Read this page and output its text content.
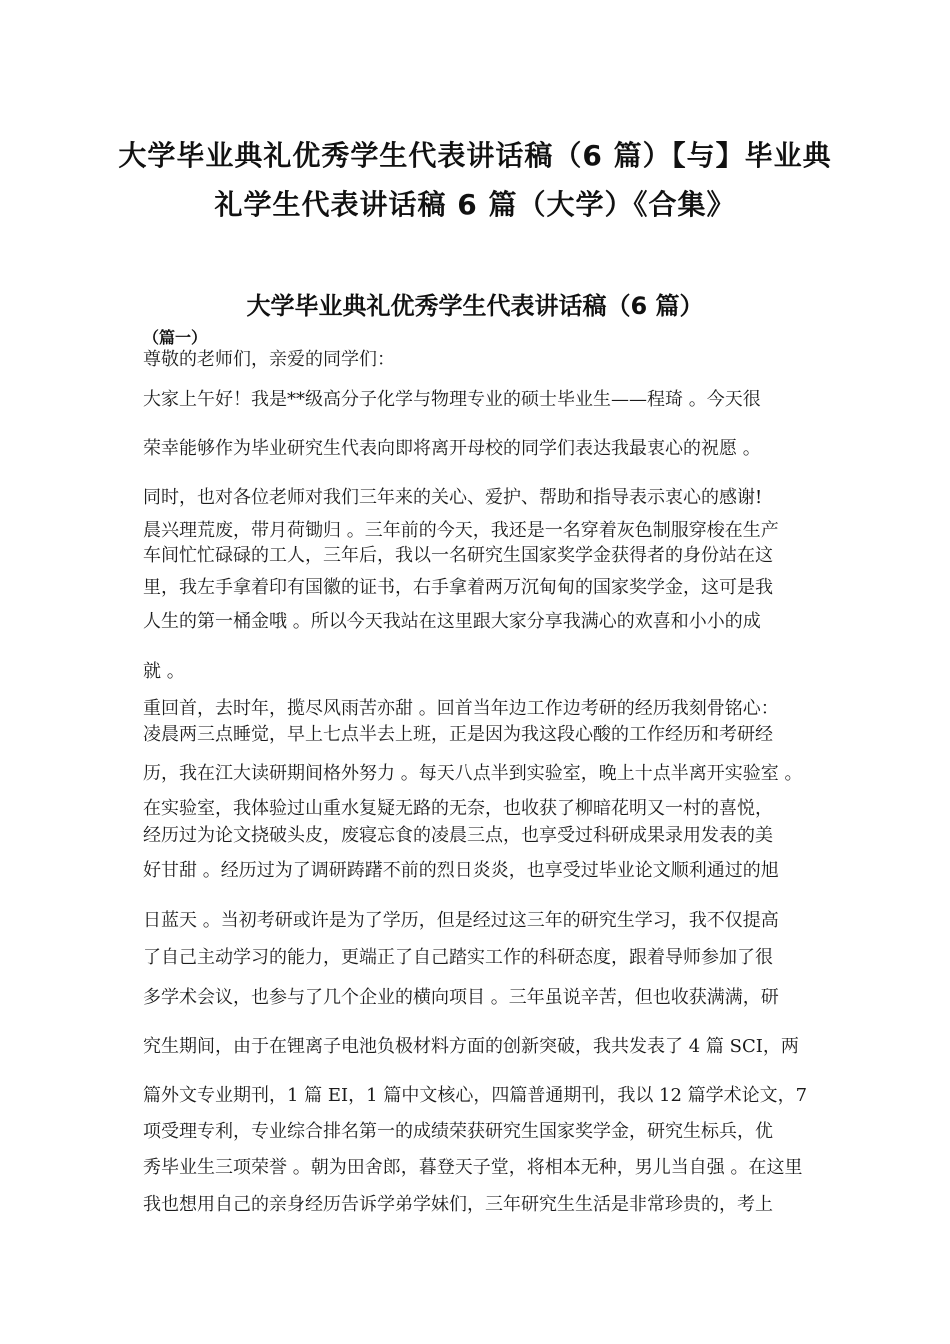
大学毕业典礼优秀学生代表讲话稿（6 篇）【与】毕业典
礼学生代表讲话稿 6 篇（大学）《合集》
大学毕业典礼优秀学生代表讲话稿（6 篇）
（篇一）
尊敬的老师们，亲爱的同学们：
大家上午好！我是**级高分子化学与物理专业的硕士毕业生——程琦 。今天很
荣幸能够作为毕业研究生代表向即将离开母校的同学们表达我最衷心的祝愿 。
同时，也对各位老师对我们三年来的关心、爱护、帮助和指导表示衷心的感谢!
晨兴理荒废，带月荷锄归 。三年前的今天，我还是一名穿着灰色制服穿梭在生产
车间忙忙碌碌的工人，三年后，我以一名研究生国家奖学金获得者的身份站在这
里，我左手拿着印有国徽的证书，右手拿着两万沉甸甸的国家奖学金，这可是我
人生的第一桶金哦 。所以今天我站在这里跟大家分享我满心的欢喜和小小的成
就 。
重回首，去时年，揽尽风雨苦亦甜 。回首当年边工作边考研的经历我刻骨铭心：
凌晨两三点睡觉，早上七点半去上班，正是因为我这段心酸的工作经历和考研经
历，我在江大读研期间格外努力 。每天八点半到实验室，晚上十点半离开实验室 。
在实验室，我体验过山重水复疑无路的无奈，也收获了柳暗花明又一村的喜悦，
经历过为论文挠破头皮，废寝忘食的凌晨三点，也享受过科研成果录用发表的美
好甘甜 。经历过为了调研踌躇不前的烈日炎炎，也享受过毕业论文顺利通过的旭
日蓝天 。当初考研或许是为了学历，但是经过这三年的研究生学习，我不仅提高
了自己主动学习的能力，更端正了自己踏实工作的科研态度，跟着导师参加了很
多学术会议，也参与了几个企业的横向项目 。三年虽说辛苦，但也收获满满，研
究生期间，由于在锂离子电池负极材料方面的创新突破，我共发表了 4 篇 SCI，两
篇外文专业期刊，1 篇 EI，1 篇中文核心，四篇普通期刊，我以 12 篇学术论文，7
项受理专利，专业综合排名第一的成绩荣获研究生国家奖学金，研究生标兵，优
秀毕业生三项荣誉 。朝为田舍郎，暮登天子堂，将相本无种，男儿当自强 。在这里
我也想用自己的亲身经历告诉学弟学妹们，三年研究生生活是非常珍贵的，考上
